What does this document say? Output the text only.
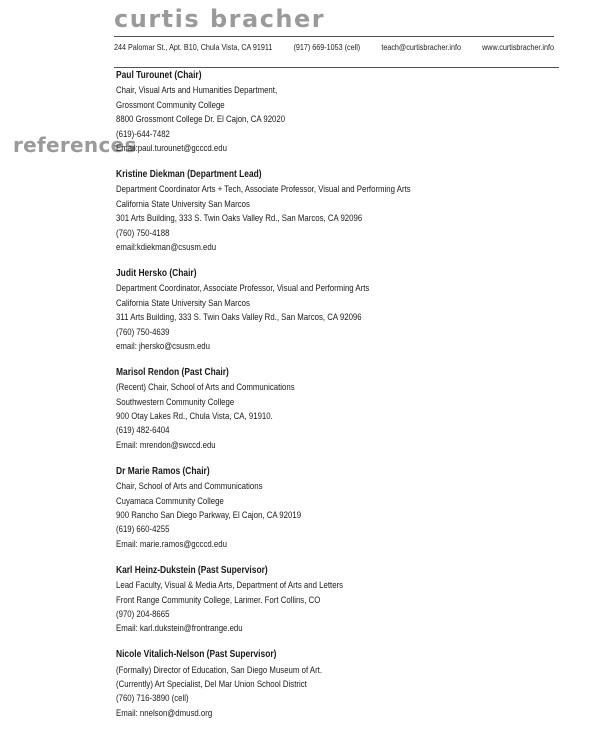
curtis bracher
244 Palomar St., Apt. B10, Chula Vista, CA 91911	(917) 669-1053 (cell)	teach@curtisbracher.info	www.curtisbracher.info
references
Paul Turounet (Chair)
Chair, Visual Arts and Humanities Department,
Grossmont Community College
8800 Grossmont College Dr. El Cajon, CA 92020
(619)-644-7482
Email:paul.turounet@gcccd.edu
Kristine Diekman (Department Lead)
Department Coordinator Arts + Tech, Associate Professor, Visual and Performing Arts
California State University San Marcos
301 Arts Building, 333 S. Twin Oaks Valley Rd., San Marcos, CA 92096
(760) 750-4188
email:kdiekman@csusm.edu
Judit Hersko (Chair)
Department Coordinator, Associate Professor, Visual and Performing Arts
California State University San Marcos
311 Arts Building, 333 S. Twin Oaks Valley Rd., San Marcos, CA 92096
(760) 750-4639
email: jhersko@csusm.edu
Marisol Rendon (Past Chair)
(Recent) Chair, School of Arts and Communications
Southwestern Community College
900 Otay Lakes Rd., Chula Vista, CA, 91910.
(619) 482-6404
Email: mrendon@swccd.edu
Dr Marie Ramos (Chair)
Chair, School of Arts and Communications
Cuyamaca Community College
900 Rancho San Diego Parkway, El Cajon, CA 92019
(619) 660-4255
Email: marie.ramos@gcccd.edu
Karl Heinz-Dukstein (Past Supervisor)
Lead Faculty, Visual & Media Arts, Department of Arts and Letters
Front Range Community College, Larimer. Fort Collins, CO
(970) 204-8665
Email: karl.dukstein@frontrange.edu
Nicole Vitalich-Nelson (Past Supervisor)
(Formally) Director of Education, San Diego Museum of Art.
(Currently) Art Specialist, Del Mar Union School District
(760) 716-3890 (cell)
Email: nnelson@dmusd.org
